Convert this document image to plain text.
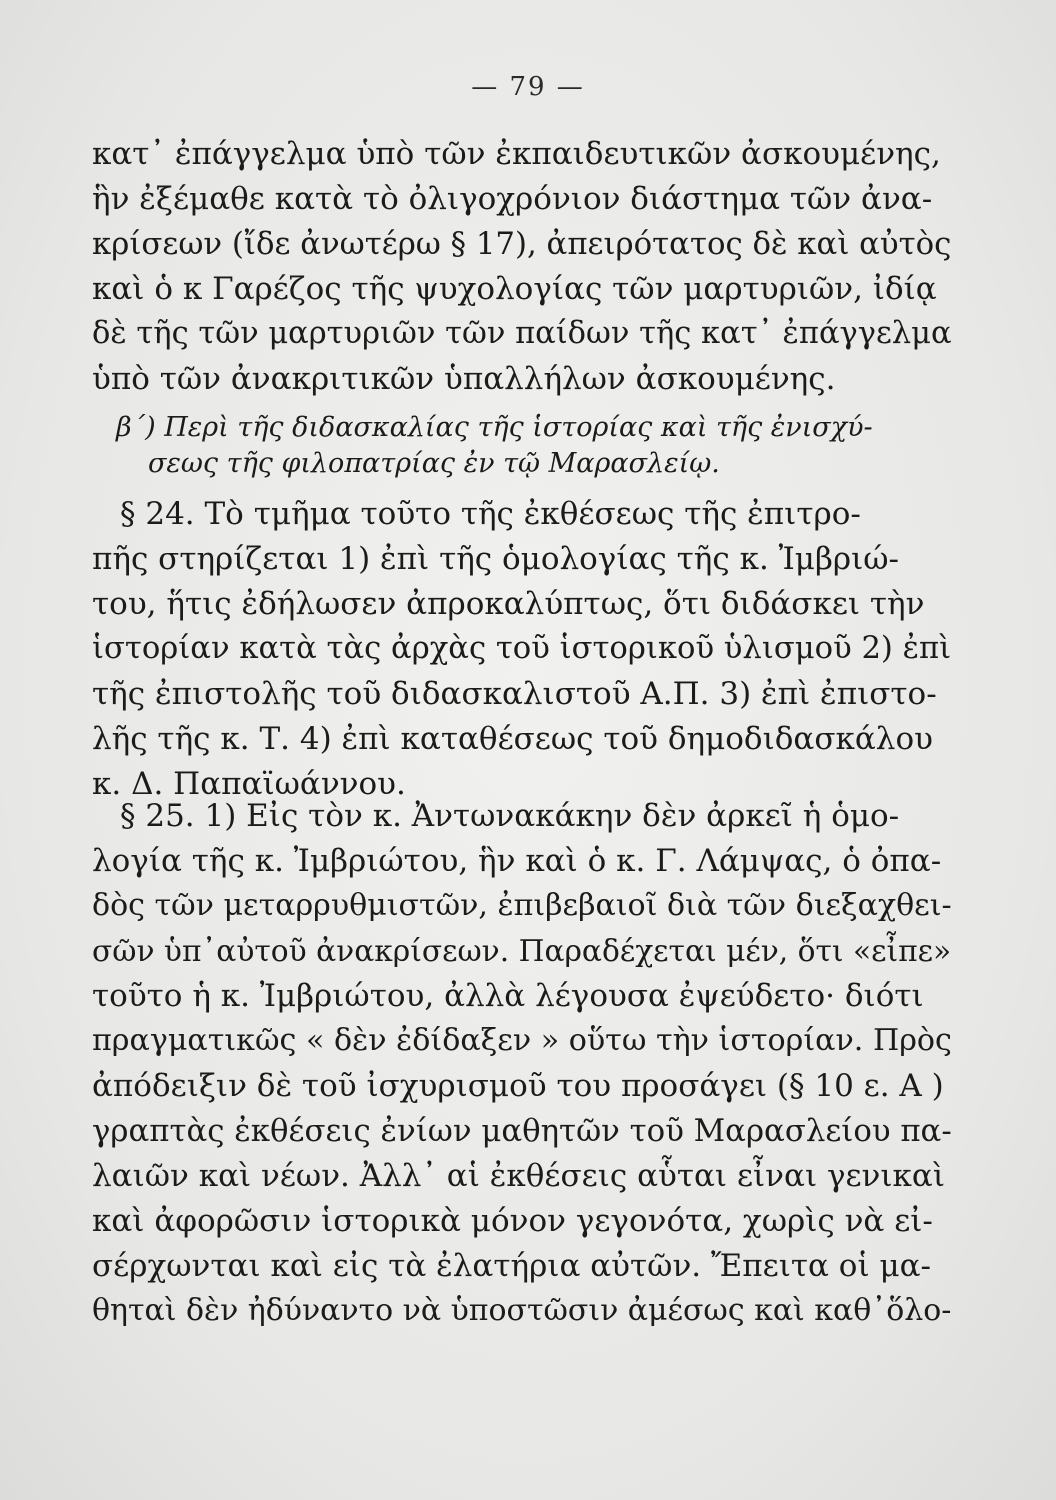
— 79 —
κατ᾽ ἐπάγγελμα ὑπὸ τῶν ἐκπαιδευτικῶν ἀσκουμένης,
ἣν ἐξέμαθε κατὰ τὸ ὀλιγοχρόνιον διάστημα τῶν ἀνα-
κρίσεων (ἴδε ἀνωτέρω § 17), ἀπειρότατος δὲ καὶ αὐτὸς
καὶ ὁ κ Γαρέζος τῆς ψυχολογίας τῶν μαρτυριῶν, ἰδίᾳ
δὲ τῆς τῶν μαρτυριῶν τῶν παίδων τῆς κατ᾽ ἐπάγγελμα
ὑπὸ τῶν ἀνακριτικῶν ὑπαλλήλων ἀσκουμένης.
β´) Περὶ τῆς διδασκαλίας τῆς ἱστορίας καὶ τῆς ἐνισχύ-
σεως τῆς φιλοπατρίας ἐν τῷ Μαρασλείῳ.
§ 24. Τὸ τμῆμα τοῦτο τῆς ἐκθέσεως τῆς ἐπιτρο-
πῆς στηρίζεται 1) ἐπὶ τῆς ὁμολογίας τῆς κ. Ἰμβριώ-
του, ἥτις ἐδήλωσεν ἀπροκαλύπτως, ὅτι διδάσκει τὴν
ἱστορίαν κατὰ τὰς ἀρχὰς τοῦ ἱστορικοῦ ὑλισμοῦ 2) ἐπὶ
τῆς ἐπιστολῆς τοῦ διδασκαλιστοῦ Α.Π. 3) ἐπὶ ἐπιστο-
λῆς τῆς κ. Τ. 4) ἐπὶ καταθέσεως τοῦ δημοδιδασκάλου
κ. Δ. Παπαϊωάννου.
§ 25. 1) Εἰς τὸν κ. Ἀντωνακάκην δὲν ἀρκεῖ ἡ ὁμο-
λογία τῆς κ. Ἰμβριώτου, ἣν καὶ ὁ κ. Γ. Λάμψας, ὁ ὀπα-
δὸς τῶν μεταρρυθμιστῶν, ἐπιβεβαιοῖ διὰ τῶν διεξαχθει-
σῶν ὑπ᾽αὐτοῦ ἀνακρίσεων. Παραδέχεται μέν, ὅτι «εἶπε»
τοῦτο ἡ κ. Ἰμβριώτου, ἀλλὰ λέγουσα ἐψεύδετο· διότι
πραγματικῶς « δὲν ἐδίδαξεν » οὕτω τὴν ἱστορίαν. Πρὸς
ἀπόδειξιν δὲ τοῦ ἰσχυρισμοῦ του προσάγει (§ 10 ε. Α )
γραπτὰς ἐκθέσεις ἐνίων μαθητῶν τοῦ Μαρασλείου πα-
λαιῶν καὶ νέων. Ἀλλ᾽ αἱ ἐκθέσεις αὗται εἶναι γενικαὶ
καὶ ἀφορῶσιν ἱστορικὰ μόνον γεγονότα, χωρὶς νὰ εἰ-
σέρχωνται καὶ εἰς τὰ ἐλατήρια αὐτῶν. Ἔπειτα οἱ μα-
θηταὶ δὲν ἠδύναντο νὰ ὑποστῶσιν ἀμέσως καὶ καθ᾽ὅλο-
